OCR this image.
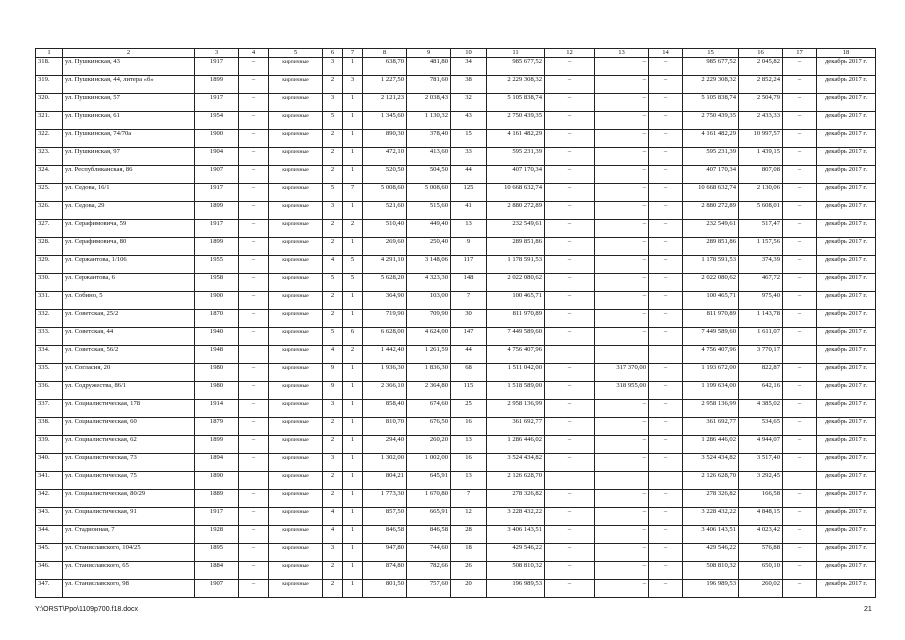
1	2	3	4	5	6	7	8	9	10	11	12	13	14	15	16	17	18
318.	ул. Пушкинская, 43	1917	–	кирпичные	3	1	638,70	481,80	34	985 677,52	–	–	–	985 677,52	2 045,82	–	декабрь 2017 г.
319.	ул. Пушкинская, 44, литера «б»	1899	–	кирпичные	2	3	1 227,50	781,60	38	2 229 308,32	–	–	–	2 229 308,32	2 852,24	–	декабрь 2017 г.
320.	ул. Пушкинская, 57	1917	–	кирпичные	3	1	2 121,23	2 038,43	32	5 105 838,74	–	–	–	5 105 838,74	2 504,79	–	декабрь 2017 г.
321.	ул. Пушкинская, 61	1954	–	кирпичные	5	1	1 345,60	1 130,32	43	2 750 439,35	–	–	–	2 750 439,35	2 433,33	–	декабрь 2017 г.
322.	ул. Пушкинская, 74/70а	1900	–	кирпичные	2	1	890,30	378,40	15	4 161 482,29	–	–	–	4 161 482,29	10 997,57	–	декабрь 2017 г.
323.	ул. Пушкинская, 97	1904	–	кирпичные	2	1	472,10	413,60	33	595 231,39	–	–	–	595 231,39	1 439,15	–	декабрь 2017 г.
324.	ул. Республиканская, 86	1907	–	кирпичные	2	1	520,50	504,50	44	407 170,34	–	–	–	407 170,34	807,08	–	декабрь 2017 г.
325.	ул. Седова, 16/1	1917	–	кирпичные	5	7	5 008,60	5 008,60	125	10 668 632,74	–	–	–	10 668 632,74	2 130,06	–	декабрь 2017 г.
326.	ул. Седова, 29	1899	–	кирпичные	3	1	521,60	515,60	41	2 880 272,89	–	–	–	2 880 272,89	5 608,01	–	декабрь 2017 г.
327.	ул. Серафимовича, 59	1917	–	кирпичные	2	2	510,40	449,40	13	232 549,61	–	–	–	232 549,61	517,47	–	декабрь 2017 г.
328.	ул. Серафимовича, 80	1899	–	кирпичные	2	1	269,60	250,40	9	289 851,86	–	–	–	289 851,86	1 157,56	–	декабрь 2017 г.
329.	ул. Сержантова, 1/106	1955	–	кирпичные	4	5	4 291,10	3 148,06	117	1 178 591,53	–	–	–	1 178 591,53	374,39	–	декабрь 2017 г.
330.	ул. Сержантова, 6	1958	–	кирпичные	5	5	5 628,20	4 323,30	148	2 022 080,62	–	–	–	2 022 080,62	467,72	–	декабрь 2017 г.
331.	ул. Собино, 5	1900	–	кирпичные	2	1	364,90	103,00	7	100 465,71	–	–	–	100 465,71	975,40	–	декабрь 2017 г.
332.	ул. Советская, 25/2	1870	–	кирпичные	2	1	719,90	709,90	30	811 970,89	–	–	–	811 970,89	1 143,78	–	декабрь 2017 г.
333.	ул. Советская, 44	1940	–	кирпичные	5	6	6 628,00	4 624,00	147	7 449 589,60	–	–	–	7 449 589,60	1 611,07	–	декабрь 2017 г.
334.	ул. Советская, 56/2	1948		кирпичные	4	2	1 442,40	1 261,59	44	4 756 407,96				4 756 407,96	3 770,17		декабрь 2017 г.
335.	ул. Согласия, 20	1980	–	кирпичные	9	1	1 936,30	1 836,30	68	1 511 042,00	–	317 370,00	–	1 193 672,00	822,87	–	декабрь 2017 г.
336.	ул. Содружества, 86/1	1980	–	кирпичные	9	1	2 366,10	2 364,80	115	1 518 589,00	–	318 955,00	–	1 199 634,00	642,16	–	декабрь 2017 г.
337.	ул. Социалистическая, 178	1914	–	кирпичные	3	1	858,40	674,60	25	2 958 136,99	–	–	–	2 958 136,99	4 385,02	–	декабрь 2017 г.
338.	ул. Социалистическая, 60	1879	–	кирпичные	2	1	810,70	676,50	16	361 692,77	–	–	–	361 692,77	534,65	–	декабрь 2017 г.
339.	ул. Социалистическая, 62	1899	–	кирпичные	2	1	294,40	260,20	13	1 286 446,02	–	–	–	1 286 446,02	4 944,07	–	декабрь 2017 г.
340.	ул. Социалистическая, 73	1894	–	кирпичные	3	1	1 302,00	1 002,00	16	3 524 434,82	–	–	–	3 524 434,82	3 517,40	–	декабрь 2017 г.
341.	ул. Социалистическая, 75	1890		кирпичные	2	1	804,21	645,91	13	2 126 628,70				2 126 628,70	3 292,45		декабрь 2017 г.
342.	ул. Социалистическая, 80/29	1889	–	кирпичные	2	1	1 773,30	1 670,80	7	278 326,82	–	–	–	278 326,82	166,58	–	декабрь 2017 г.
343.	ул. Социалистическая, 91	1917	–	кирпичные	4	1	857,50	665,91	12	3 228 432,22	–	–	–	3 228 432,22	4 848,15	–	декабрь 2017 г.
344.	ул. Стадионная, 7	1928	–	кирпичные	4	1	846,58	846,58	28	3 406 143,51	–	–	–	3 406 143,51	4 023,42	–	декабрь 2017 г.
345.	ул. Станиславского, 104/25	1895	–	кирпичные	3	1	947,80	744,60	18	429 546,22	–	–	–	429 546,22	576,88	–	декабрь 2017 г.
346.	ул. Станиславского, 65	1884	–	кирпичные	2	1	874,80	782,66	26	508 810,32	–	–	–	508 810,32	650,10	–	декабрь 2017 г.
347.	ул. Станиславского, 98	1907	–	кирпичные	2	1	801,50	757,60	20	196 989,53	–	–	–	196 989,53	260,02	–	декабрь 2017 г.
Y:\ORST\Ppo\1109p700.f18.docx	21
